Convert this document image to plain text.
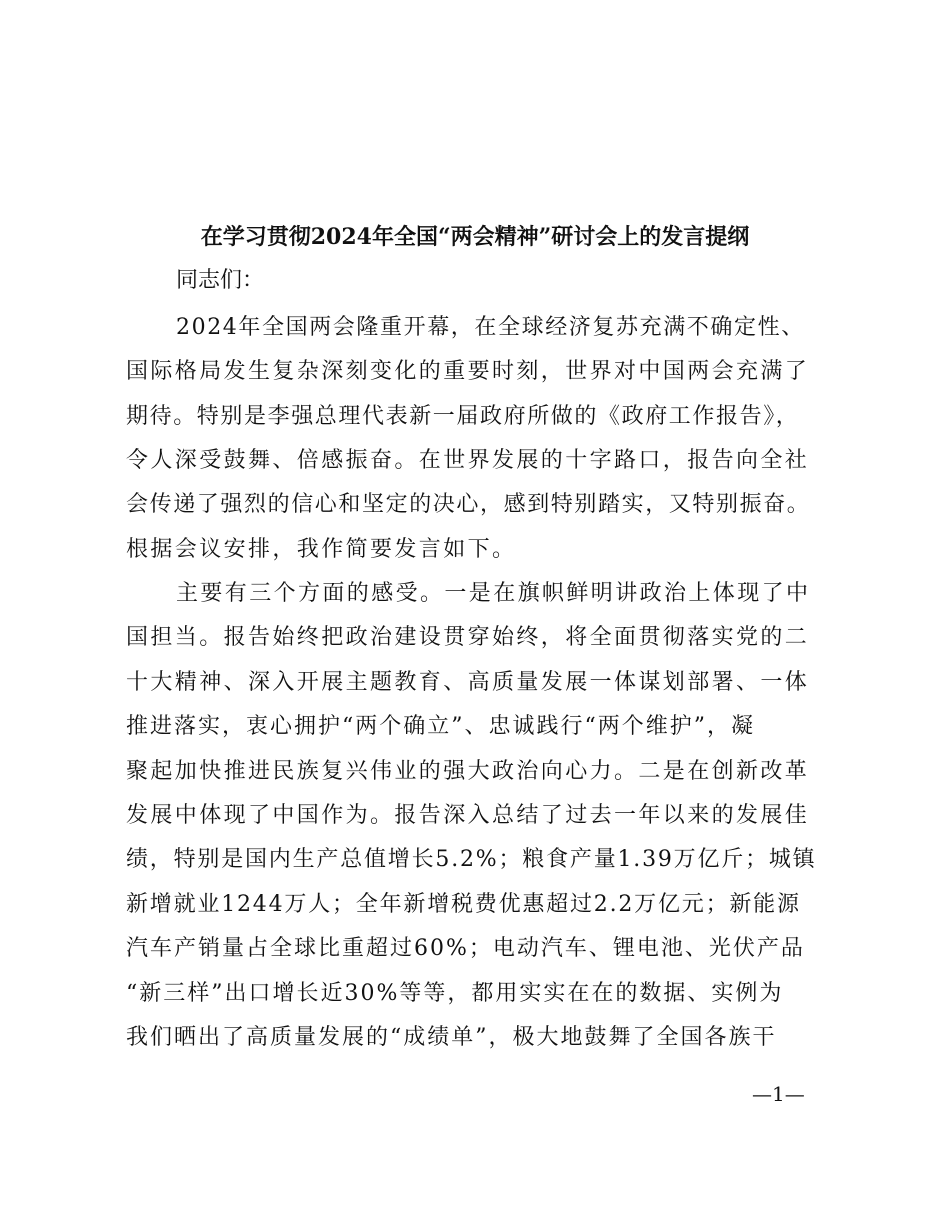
在学习贯彻2024年全国“两会精神”研讨会上的发言提纲
同志们：
2024年全国两会隆重开幕，在全球经济复苏充满不确定性、
国际格局发生复杂深刻变化的重要时刻，世界对中国两会充满了
期待。特别是李强总理代表新一届政府所做的《政府工作报告》，
令人深受鼓舞、倍感振奋。在世界发展的十字路口，报告向全社
会传递了强烈的信心和坚定的决心，感到特别踏实，又特别振奋。
根据会议安排，我作简要发言如下。
主要有三个方面的感受。一是在旗帜鲜明讲政治上体现了中
国担当。报告始终把政治建设贯穿始终，将全面贯彻落实党的二
十大精神、深入开展主题教育、高质量发展一体谋划部署、一体
推进落实，衷心拥护“两个确立”、忠诚践行“两个维护”，凝
聚起加快推进民族复兴伟业的强大政治向心力。二是在创新改革
发展中体现了中国作为。报告深入总结了过去一年以来的发展佳
绩，特别是国内生产总值增长5.2%；粮食产量1.39万亿斤；城镇
新增就业1244万人；全年新增税费优惠超过2.2万亿元；新能源
汽车产销量占全球比重超过60%；电动汽车、锂电池、光伏产品
“新三样”出口增长近30%等等，都用实实在在的数据、实例为
我们晒出了高质量发展的“成绩单”，极大地鼓舞了全国各族干
—1—
